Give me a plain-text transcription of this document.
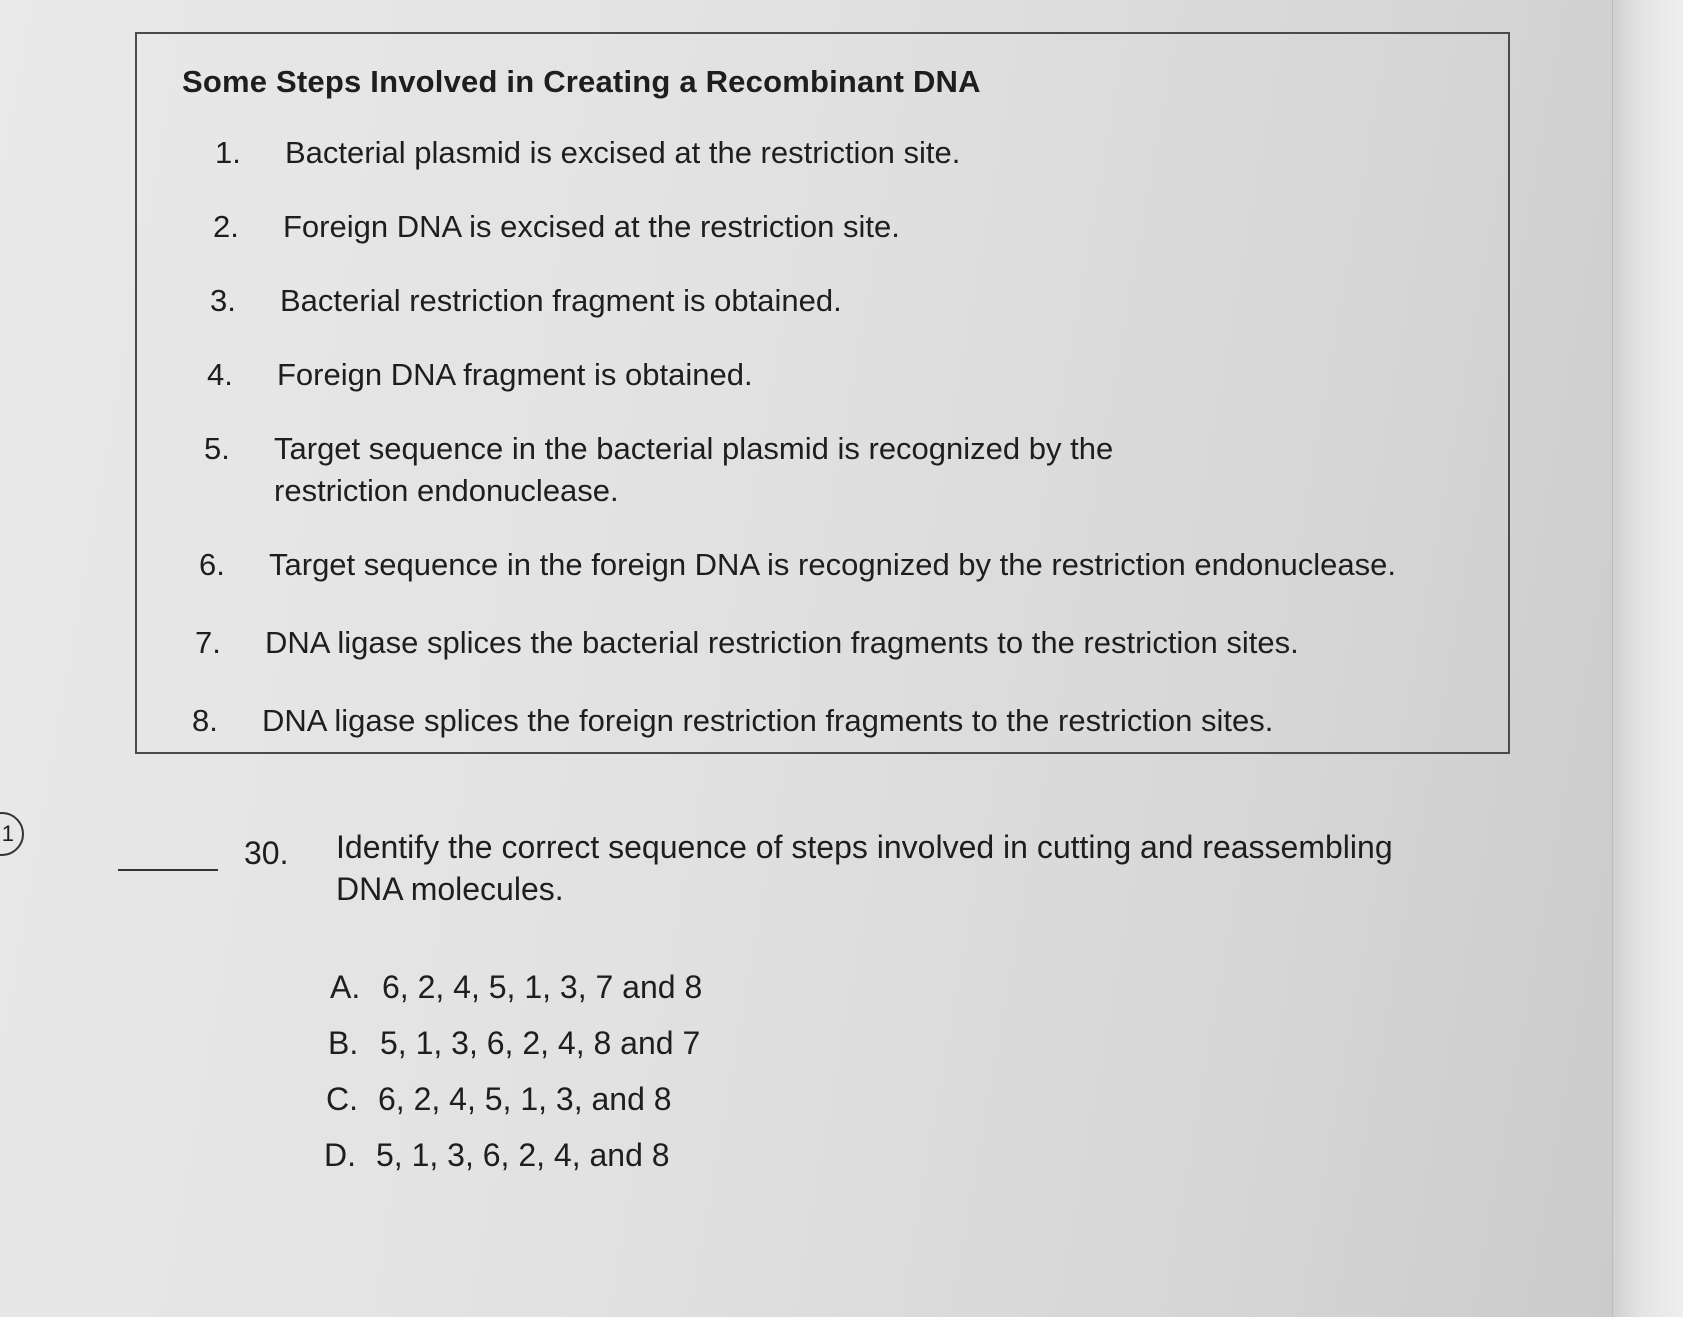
Some Steps Involved in Creating a Recombinant DNA
1. Bacterial plasmid is excised at the restriction site.
2. Foreign DNA is excised at the restriction site.
3. Bacterial restriction fragment is obtained.
4. Foreign DNA fragment is obtained.
5. Target sequence in the bacterial plasmid is recognized by the
restriction endonuclease.
6. Target sequence in the foreign DNA is recognized by the restriction endonuclease.
7. DNA ligase splices the bacterial restriction fragments to the restriction sites.
8. DNA ligase splices the foreign restriction fragments to the restriction sites.
1
30. Identify the correct sequence of steps involved in cutting and reassembling DNA molecules.
A. 6, 2, 4, 5, 1, 3, 7 and 8
B. 5, 1, 3, 6, 2, 4, 8 and 7
C. 6, 2, 4, 5, 1, 3, and 8
D. 5, 1, 3, 6, 2, 4, and 8
